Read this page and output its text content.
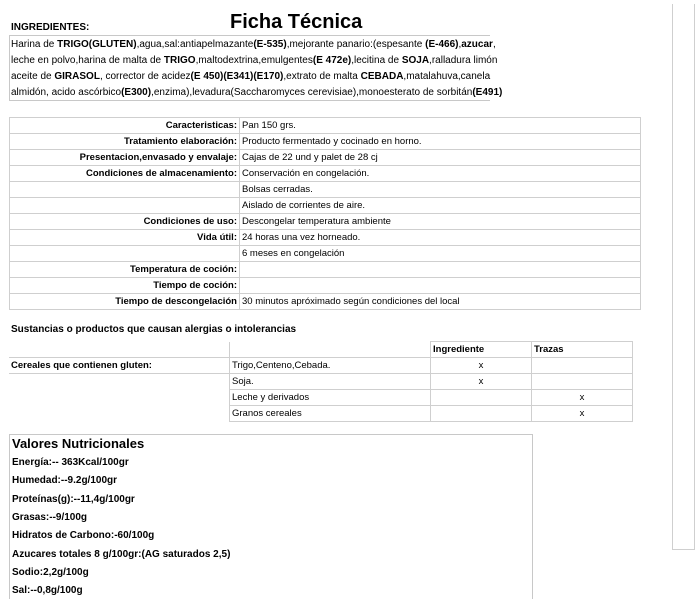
Ficha Técnica
INGREDIENTES:
Harina de TRIGO(GLUTEN),agua,sal:antiapelmazante(E-535),mejorante panario:(espesante (E-466),azucar,
leche en polvo,harina de malta de TRIGO,maltodextrina,emulgentes(E 472e),lecitina de SOJA,ralladura limón
aceite de GIRASOL, corrector de acidez(E 450)(E341)(E170),extrato de malta CEBADA,matalahuva,canela
almidón, acido ascórbico(E300),enzima),levadura(Saccharomyces cerevisiae),monoesterato de sorbitán(E491)
Caracteristicas:	Pan 150 grs.
Tratamiento elaboración:	Producto fermentado y cocinado en horno.
Presentacion,envasado y envalaje:	Cajas de 22 und y palet de 28 cj
Condiciones de almacenamiento:	Conservación en congelación.
	Bolsas cerradas.
	Aislado de corrientes de aire.
Condiciones de uso:	Descongelar temperatura ambiente
Vida útil:	24 horas una vez horneado.
	6 meses en congelación
Temperatura de coción:	
Tiempo de coción:	
Tiempo de descongelación	30 minutos apróximado según condiciones del local
Sustancias o productos que causan alergias o intolerancias
		Ingrediente	Trazas
Cereales que contienen gluten:	Trigo,Centeno,Cebada.	x	
	Soja.	x	
	Leche y derivados		x
	Granos cereales		x
Valores Nutricionales
Energía:-- 363Kcal/100gr
Humedad:--9.2g/100gr
Proteínas(g):--11,4g/100gr
Grasas:--9/100g
Hidratos de Carbono:-60/100g
Azucares totales 8 g/100gr:(AG saturados 2,5)
Sodio:2,2g/100g
Sal:--0,8g/100g
